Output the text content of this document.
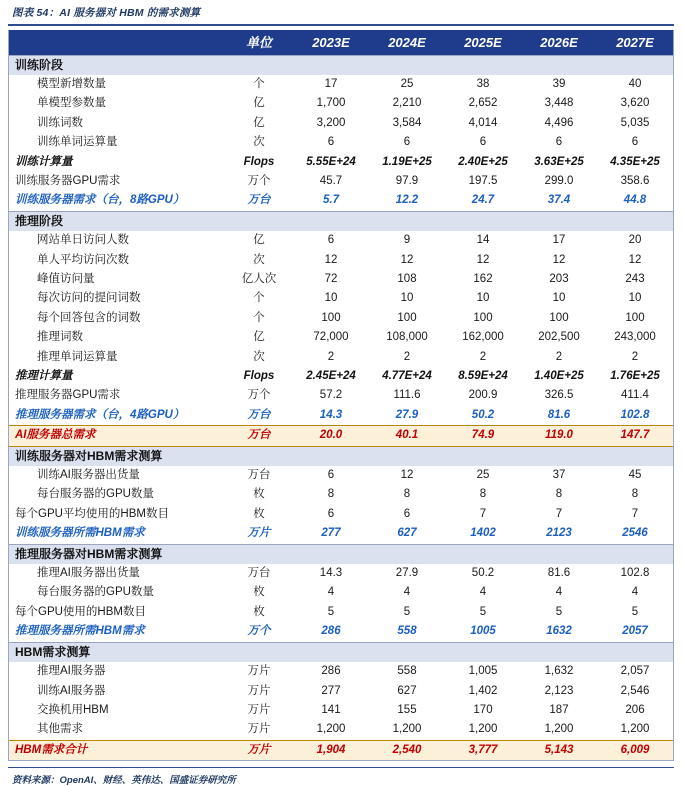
图表 54：AI 服务器对 HBM 的需求测算
	单位	2023E	2024E	2025E	2026E	2027E
训练阶段						
模型新增数量	个	17	25	38	39	40
单模型参数量	亿	1,700	2,210	2,652	3,448	3,620
训练词数	亿	3,200	3,584	4,014	4,496	5,035
训练单词运算量	次	6	6	6	6	6
训练计算量	Flops	5.55E+24	1.19E+25	2.40E+25	3.63E+25	4.35E+25
训练服务器GPU需求	万个	45.7	97.9	197.5	299.0	358.6
训练服务器需求（台，8路GPU）	万台	5.7	12.2	24.7	37.4	44.8
推理阶段						
网站单日访问人数	亿	6	9	14	17	20
单人平均访问次数	次	12	12	12	12	12
峰值访问量	亿人次	72	108	162	203	243
每次访问的提问词数	个	10	10	10	10	10
每个回答包含的词数	个	100	100	100	100	100
推理词数	亿	72,000	108,000	162,000	202,500	243,000
推理单词运算量	次	2	2	2	2	2
推理计算量	Flops	2.45E+24	4.77E+24	8.59E+24	1.40E+25	1.76E+25
推理服务器GPU需求	万个	57.2	111.6	200.9	326.5	411.4
推理服务器需求（台，4路GPU）	万台	14.3	27.9	50.2	81.6	102.8
AI服务器总需求	万台	20.0	40.1	74.9	119.0	147.7
训练服务器对HBM需求测算						
训练AI服务器出货量	万台	6	12	25	37	45
每台服务器的GPU数量	枚	8	8	8	8	8
每个GPU平均使用的HBM数目	枚	6	6	7	7	7
训练服务器所需HBM需求	万片	277	627	1402	2123	2546
推理服务器对HBM需求测算						
推理AI服务器出货量	万台	14.3	27.9	50.2	81.6	102.8
每台服务器的GPU数量	枚	4	4	4	4	4
每个GPU使用的HBM数目	枚	5	5	5	5	5
推理服务器所需HBM需求	万个	286	558	1005	1632	2057
HBM需求测算						
推理AI服务器	万片	286	558	1,005	1,632	2,057
训练AI服务器	万片	277	627	1,402	2,123	2,546
交换机用HBM	万片	141	155	170	187	206
其他需求	万片	1,200	1,200	1,200	1,200	1,200
HBM需求合计	万片	1,904	2,540	3,777	5,143	6,009
资料来源：OpenAI、财经、英伟达、国盛证券研究所
